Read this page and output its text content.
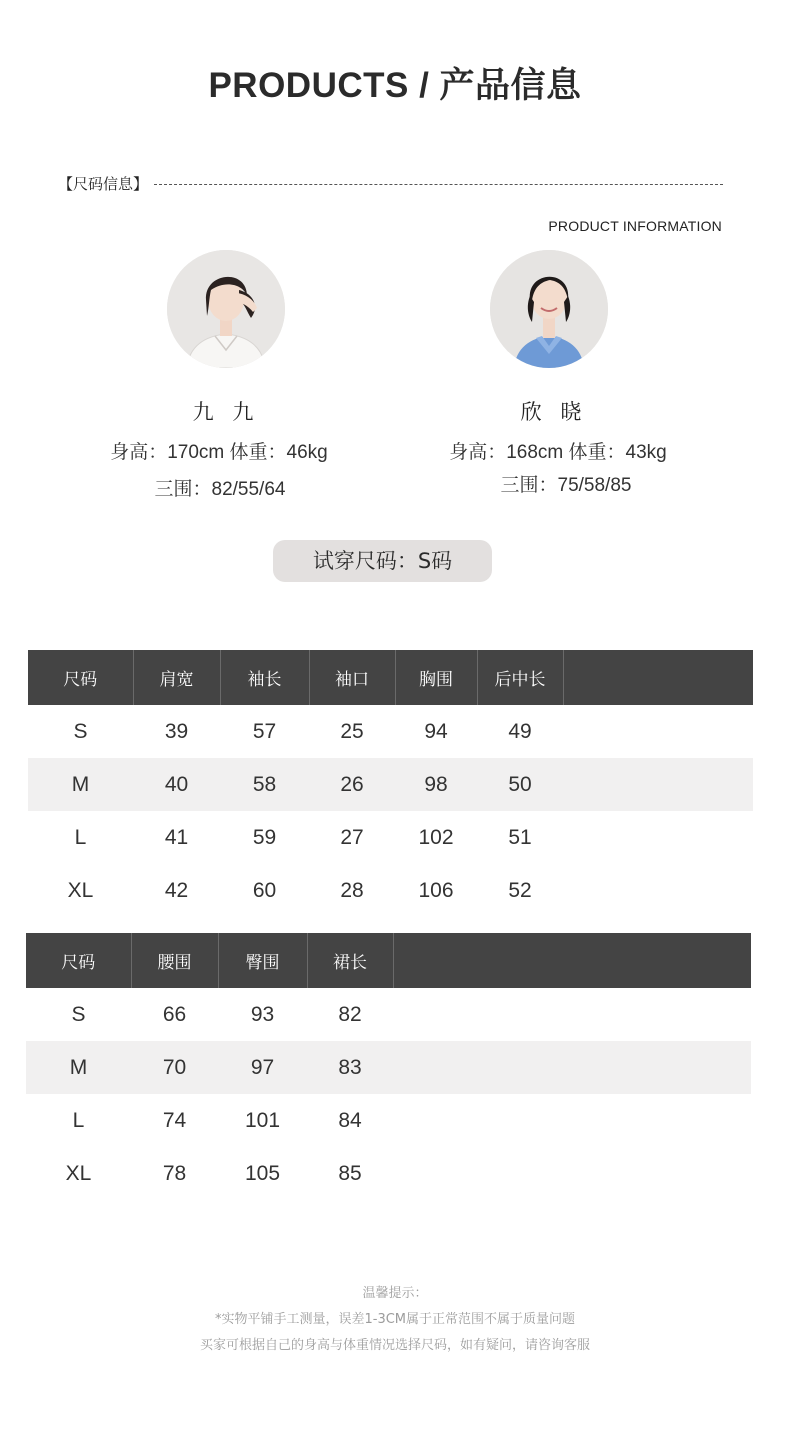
PRODUCTS / 产品信息
【尺码信息】
PRODUCT INFORMATION
九 九
身高：170cm 体重：46kg
三围：82/55/64
欣 晓
身高：168cm 体重：43kg
三围：75/58/85
试穿尺码：S码
尺码	肩宽	袖长	袖口	胸围	后中长	
S	39	57	25	94	49	
M	40	58	26	98	50	
L	41	59	27	102	51	
XL	42	60	28	106	52	
尺码	腰围	臀围	裙长	
S	66	93	82	
M	70	97	83	
L	74	101	84	
XL	78	105	85	
温馨提示：
*实物平铺手工测量，误差1-3CM属于正常范围不属于质量问题
买家可根据自己的身高与体重情况选择尺码，如有疑问，请咨询客服
